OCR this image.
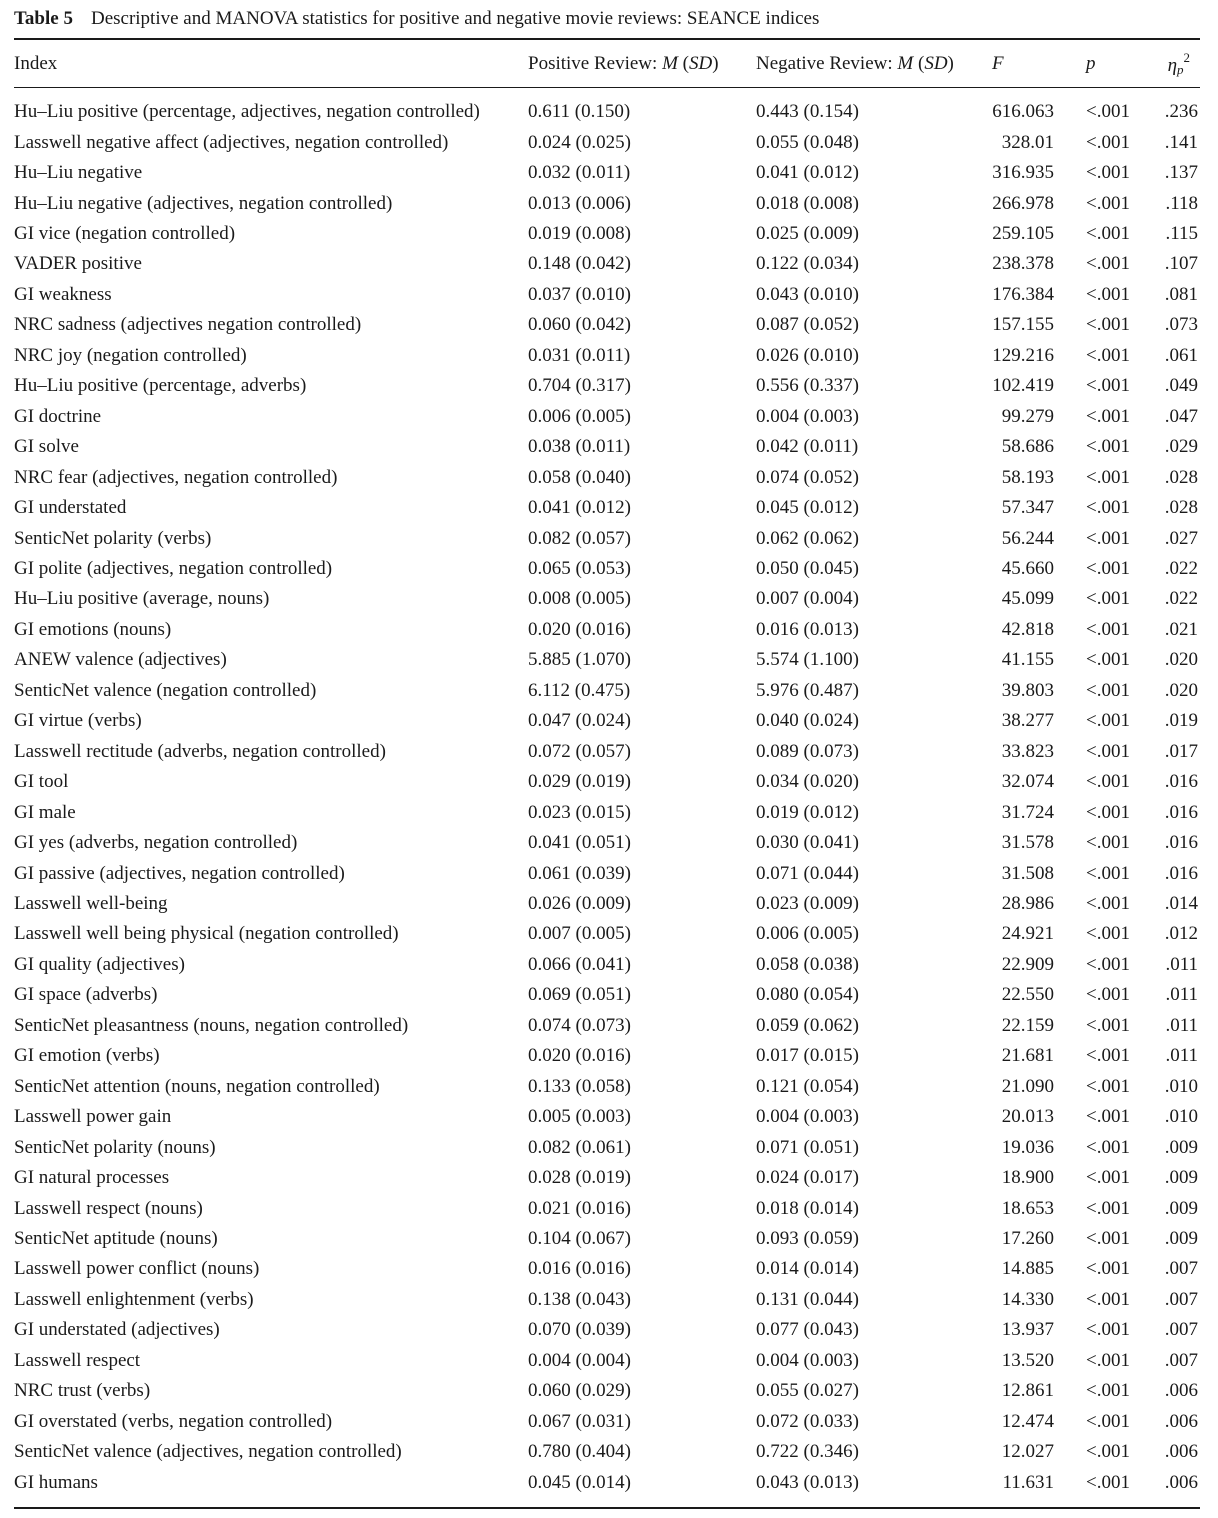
Table 5 Descriptive and MANOVA statistics for positive and negative movie reviews: SEANCE indices
Index	Positive Review: M (SD)	Negative Review: M (SD)	F	p	$\eta_p^2$
Hu–Liu positive (percentage, adjectives, negation controlled)	0.611 (0.150)	0.443 (0.154)	616.063	<.001	.236
Lasswell negative affect (adjectives, negation controlled)	0.024 (0.025)	0.055 (0.048)	328.01	<.001	.141
Hu–Liu negative	0.032 (0.011)	0.041 (0.012)	316.935	<.001	.137
Hu–Liu negative (adjectives, negation controlled)	0.013 (0.006)	0.018 (0.008)	266.978	<.001	.118
GI vice (negation controlled)	0.019 (0.008)	0.025 (0.009)	259.105	<.001	.115
VADER positive	0.148 (0.042)	0.122 (0.034)	238.378	<.001	.107
GI weakness	0.037 (0.010)	0.043 (0.010)	176.384	<.001	.081
NRC sadness (adjectives negation controlled)	0.060 (0.042)	0.087 (0.052)	157.155	<.001	.073
NRC joy (negation controlled)	0.031 (0.011)	0.026 (0.010)	129.216	<.001	.061
Hu–Liu positive (percentage, adverbs)	0.704 (0.317)	0.556 (0.337)	102.419	<.001	.049
GI doctrine	0.006 (0.005)	0.004 (0.003)	99.279	<.001	.047
GI solve	0.038 (0.011)	0.042 (0.011)	58.686	<.001	.029
NRC fear (adjectives, negation controlled)	0.058 (0.040)	0.074 (0.052)	58.193	<.001	.028
GI understated	0.041 (0.012)	0.045 (0.012)	57.347	<.001	.028
SenticNet polarity (verbs)	0.082 (0.057)	0.062 (0.062)	56.244	<.001	.027
GI polite (adjectives, negation controlled)	0.065 (0.053)	0.050 (0.045)	45.660	<.001	.022
Hu–Liu positive (average, nouns)	0.008 (0.005)	0.007 (0.004)	45.099	<.001	.022
GI emotions (nouns)	0.020 (0.016)	0.016 (0.013)	42.818	<.001	.021
ANEW valence (adjectives)	5.885 (1.070)	5.574 (1.100)	41.155	<.001	.020
SenticNet valence (negation controlled)	6.112 (0.475)	5.976 (0.487)	39.803	<.001	.020
GI virtue (verbs)	0.047 (0.024)	0.040 (0.024)	38.277	<.001	.019
Lasswell rectitude (adverbs, negation controlled)	0.072 (0.057)	0.089 (0.073)	33.823	<.001	.017
GI tool	0.029 (0.019)	0.034 (0.020)	32.074	<.001	.016
GI male	0.023 (0.015)	0.019 (0.012)	31.724	<.001	.016
GI yes (adverbs, negation controlled)	0.041 (0.051)	0.030 (0.041)	31.578	<.001	.016
GI passive (adjectives, negation controlled)	0.061 (0.039)	0.071 (0.044)	31.508	<.001	.016
Lasswell well-being	0.026 (0.009)	0.023 (0.009)	28.986	<.001	.014
Lasswell well being physical (negation controlled)	0.007 (0.005)	0.006 (0.005)	24.921	<.001	.012
GI quality (adjectives)	0.066 (0.041)	0.058 (0.038)	22.909	<.001	.011
GI space (adverbs)	0.069 (0.051)	0.080 (0.054)	22.550	<.001	.011
SenticNet pleasantness (nouns, negation controlled)	0.074 (0.073)	0.059 (0.062)	22.159	<.001	.011
GI emotion (verbs)	0.020 (0.016)	0.017 (0.015)	21.681	<.001	.011
SenticNet attention (nouns, negation controlled)	0.133 (0.058)	0.121 (0.054)	21.090	<.001	.010
Lasswell power gain	0.005 (0.003)	0.004 (0.003)	20.013	<.001	.010
SenticNet polarity (nouns)	0.082 (0.061)	0.071 (0.051)	19.036	<.001	.009
GI natural processes	0.028 (0.019)	0.024 (0.017)	18.900	<.001	.009
Lasswell respect (nouns)	0.021 (0.016)	0.018 (0.014)	18.653	<.001	.009
SenticNet aptitude (nouns)	0.104 (0.067)	0.093 (0.059)	17.260	<.001	.009
Lasswell power conflict (nouns)	0.016 (0.016)	0.014 (0.014)	14.885	<.001	.007
Lasswell enlightenment (verbs)	0.138 (0.043)	0.131 (0.044)	14.330	<.001	.007
GI understated (adjectives)	0.070 (0.039)	0.077 (0.043)	13.937	<.001	.007
Lasswell respect	0.004 (0.004)	0.004 (0.003)	13.520	<.001	.007
NRC trust (verbs)	0.060 (0.029)	0.055 (0.027)	12.861	<.001	.006
GI overstated (verbs, negation controlled)	0.067 (0.031)	0.072 (0.033)	12.474	<.001	.006
SenticNet valence (adjectives, negation controlled)	0.780 (0.404)	0.722 (0.346)	12.027	<.001	.006
GI humans	0.045 (0.014)	0.043 (0.013)	11.631	<.001	.006
